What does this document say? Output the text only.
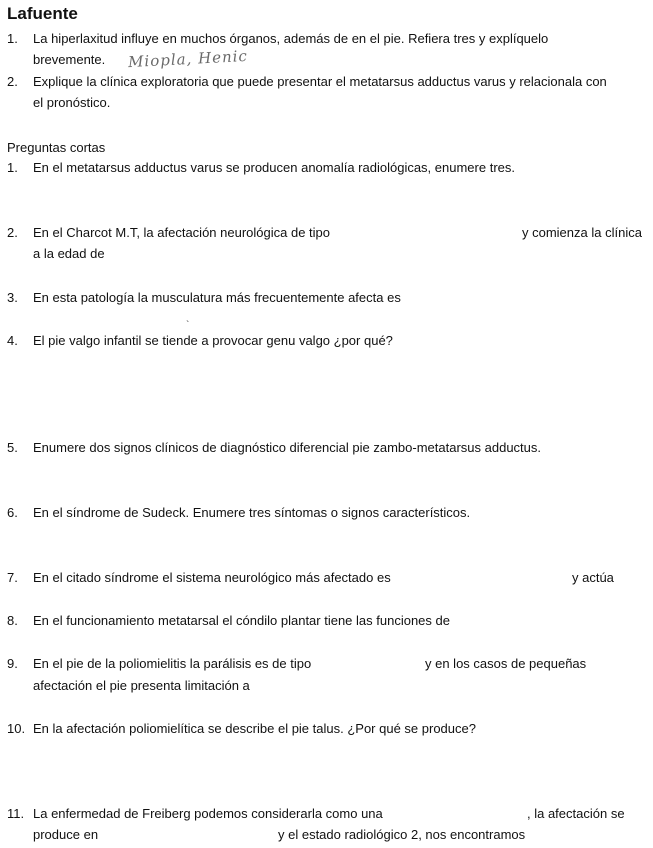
Lafuente
1. La hiperlaxitud influye en muchos órganos, además de en el pie. Refiera tres y explíquelo
brevemente. Miopla, Henic
2. Explique la clínica exploratoria que puede presentar el metatarsus adductus varus y relacionala con
el pronóstico.
Preguntas cortas
1. En el metatarsus adductus varus se producen anomalía radiológicas, enumere tres.
2. En el Charcot M.T, la afectación neurológica de tipo	y comienza la clínica
a la edad de
3. En esta patología la musculatura más frecuentemente afecta es
`
4. El pie valgo infantil se tiende a provocar genu valgo ¿por qué?
5. Enumere dos signos clínicos de diagnóstico diferencial pie zambo-metatarsus adductus.
6. En el síndrome de Sudeck. Enumere tres síntomas o signos característicos.
7. En el citado síndrome el sistema neurológico más afectado es	y actúa
8. En el funcionamiento metatarsal el cóndilo plantar tiene las funciones de
9. En el pie de la poliomielitis la parálisis es de tipo	y en los casos de pequeñas
afectación el pie presenta limitación a
10. En la afectación poliomielítica se describe el pie talus. ¿Por qué se produce?
11. La enfermedad de Freiberg podemos considerarla como una	, la afectación se
produce en	y el estado radiológico 2, nos encontramos
